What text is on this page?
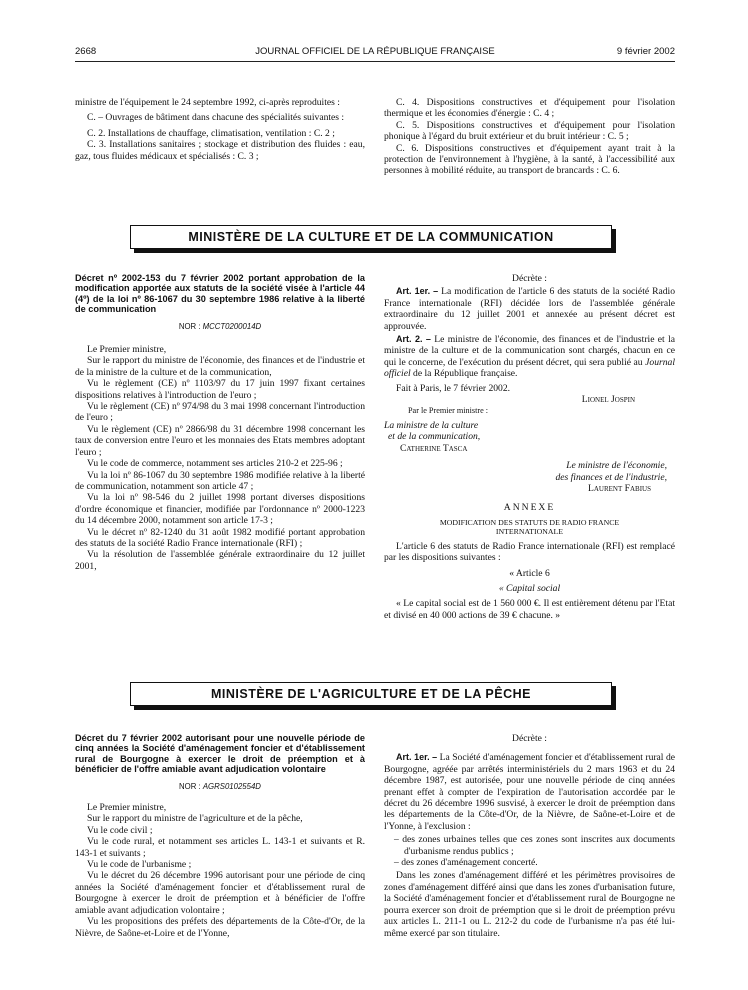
2668	JOURNAL OFFICIEL DE LA RÉPUBLIQUE FRANÇAISE	9 février 2002

ministre de l'équipement le 24 septembre 1992, ci-après reproduites :

C. – Ouvrages de bâtiment dans chacune des spécialités suivantes :

C. 2. Installations de chauffage, climatisation, ventilation : C. 2 ;

C. 3. Installations sanitaires ; stockage et distribution des fluides : eau, gaz, tous fluides médicaux et spécialisés : C. 3 ;

C. 4. Dispositions constructives et d'équipement pour l'isolation thermique et les économies d'énergie : C. 4 ;

C. 5. Dispositions constructives et d'équipement pour l'isolation phonique à l'égard du bruit extérieur et du bruit intérieur : C. 5 ;

C. 6. Dispositions constructives et d'équipement ayant trait à la protection de l'environnement à l'hygiène, à la santé, à l'accessibilité aux personnes à mobilité réduite, au transport de brancards : C. 6.

MINISTÈRE DE LA CULTURE ET DE LA COMMUNICATION

Décret nº 2002-153 du 7 février 2002 portant approbation de la modification apportée aux statuts de la société visée à l'article 44 (4º) de la loi nº 86-1067 du 30 septembre 1986 relative à la liberté de communication

NOR : MCCT0200014D

Le Premier ministre,

Sur le rapport du ministre de l'économie, des finances et de l'industrie et de la ministre de la culture et de la communication,

Vu le règlement (CE) nº 1103/97 du 17 juin 1997 fixant certaines dispositions relatives à l'introduction de l'euro ;

Vu le règlement (CE) nº 974/98 du 3 mai 1998 concernant l'introduction de l'euro ;

Vu le règlement (CE) nº 2866/98 du 31 décembre 1998 concernant les taux de conversion entre l'euro et les monnaies des Etats membres adoptant l'euro ;

Vu le code de commerce, notamment ses articles 210-2 et 225-96 ;

Vu la loi nº 86-1067 du 30 septembre 1986 modifiée relative à la liberté de communication, notamment son article 47 ;

Vu la loi nº 98-546 du 2 juillet 1998 portant diverses dispositions d'ordre économique et financier, modifiée par l'ordonnance nº 2000-1223 du 14 décembre 2000, notamment son article 17-3 ;

Vu le décret nº 82-1240 du 31 août 1982 modifié portant approbation des statuts de la société Radio France internationale (RFI) ;

Vu la résolution de l'assemblée générale extraordinaire du 12 juillet 2001,

Décrète :

Art. 1er. – La modification de l'article 6 des statuts de la société Radio France internationale (RFI) décidée lors de l'assemblée générale extraordinaire du 12 juillet 2001 et annexée au présent décret est approuvée.

Art. 2. – Le ministre de l'économie, des finances et de l'industrie et la ministre de la culture et de la communication sont chargés, chacun en ce qui le concerne, de l'exécution du présent décret, qui sera publié au Journal officiel de la République française.

Fait à Paris, le 7 février 2002.

Lionel Jospin

Par le Premier ministre :

La ministre de la culture

et de la communication,

Catherine Tasca

Le ministre de l'économie,

des finances et de l'industrie,

Laurent Fabius

ANNEXE

MODIFICATION DES STATUTS DE RADIO FRANCE

INTERNATIONALE

L'article 6 des statuts de Radio France internationale (RFI) est remplacé par les dispositions suivantes :

« Article 6

« Capital social

« Le capital social est de 1 560 000 €. Il est entièrement détenu par l'Etat et divisé en 40 000 actions de 39 € chacune. »

MINISTÈRE DE L'AGRICULTURE ET DE LA PÊCHE

Décret du 7 février 2002 autorisant pour une nouvelle période de cinq années la Société d'aménagement foncier et d'établissement rural de Bourgogne à exercer le droit de préemption et à bénéficier de l'offre amiable avant adjudication volontaire

NOR : AGRS0102554D

Le Premier ministre,

Sur le rapport du ministre de l'agriculture et de la pêche,

Vu le code civil ;

Vu le code rural, et notamment ses articles L. 143-1 et suivants et R. 143-1 et suivants ;

Vu le code de l'urbanisme ;

Vu le décret du 26 décembre 1996 autorisant pour une période de cinq années la Société d'aménagement foncier et d'établissement rural de Bourgogne à exercer le droit de préemption et à bénéficier de l'offre amiable avant adjudication volontaire ;

Vu les propositions des préfets des départements de la Côte-d'Or, de la Nièvre, de Saône-et-Loire et de l'Yonne,

Décrète :

Art. 1er. – La Société d'aménagement foncier et d'établissement rural de Bourgogne, agréée par arrêtés interministériels du 2 mars 1963 et du 24 décembre 1987, est autorisée, pour une nouvelle période de cinq années prenant effet à compter de l'expiration de l'autorisation accordée par le décret du 26 décembre 1996 susvisé, à exercer le droit de préemption dans les départements de la Côte-d'Or, de la Nièvre, de Saône-et-Loire et de l'Yonne, à l'exclusion :

– des zones urbaines telles que ces zones sont inscrites aux documents d'urbanisme rendus publics ;
– des zones d'aménagement concerté.

Dans les zones d'aménagement différé et les périmètres provisoires de zones d'aménagement différé ainsi que dans les zones d'urbanisation future, la Société d'aménagement foncier et d'établissement rural de Bourgogne ne pourra exercer son droit de préemption que si le droit de préemption prévu aux articles L. 211-1 ou L. 212-2 du code de l'urbanisme n'a pas été lui-même exercé par son titulaire.
